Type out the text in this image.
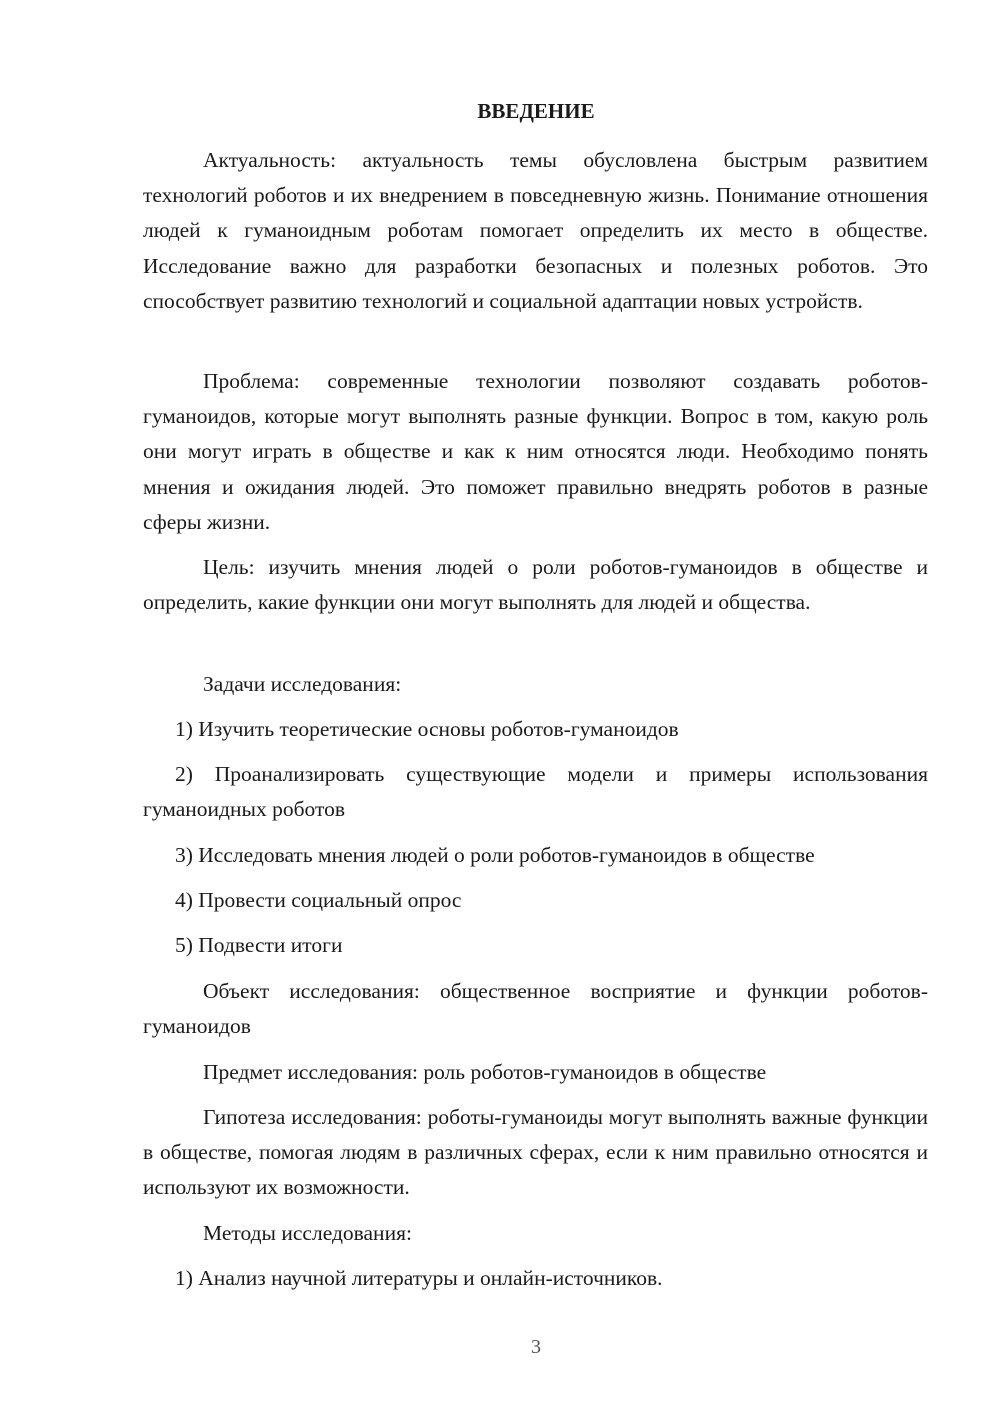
ВВЕДЕНИЕ

Актуальность: актуальность темы обусловлена быстрым развитием технологий роботов и их внедрением в повседневную жизнь. Понимание отношения людей к гуманоидным роботам помогает определить их место в обществе. Исследование важно для разработки безопасных и полезных роботов. Это способствует развитию технологий и социальной адаптации новых устройств.

Проблема: современные технологии позволяют создавать роботов-гуманоидов, которые могут выполнять разные функции. Вопрос в том, какую роль они могут играть в обществе и как к ним относятся люди. Необходимо понять мнения и ожидания людей. Это поможет правильно внедрять роботов в разные сферы жизни.

Цель: изучить мнения людей о роли роботов-гуманоидов в обществе и определить, какие функции они могут выполнять для людей и общества.

Задачи исследования:

1) Изучить теоретические основы роботов-гуманоидов

2) Проанализировать существующие модели и примеры использования гуманоидных роботов

3) Исследовать мнения людей о роли роботов-гуманоидов в обществе

4) Провести социальный опрос

5) Подвести итоги

Объект исследования: общественное восприятие и функции роботов-гуманоидов

Предмет исследования: роль роботов-гуманоидов в обществе

Гипотеза исследования: роботы-гуманоиды могут выполнять важные функции в обществе, помогая людям в различных сферах, если к ним правильно относятся и используют их возможности.

Методы исследования:

1) Анализ научной литературы и онлайн-источников.

3
